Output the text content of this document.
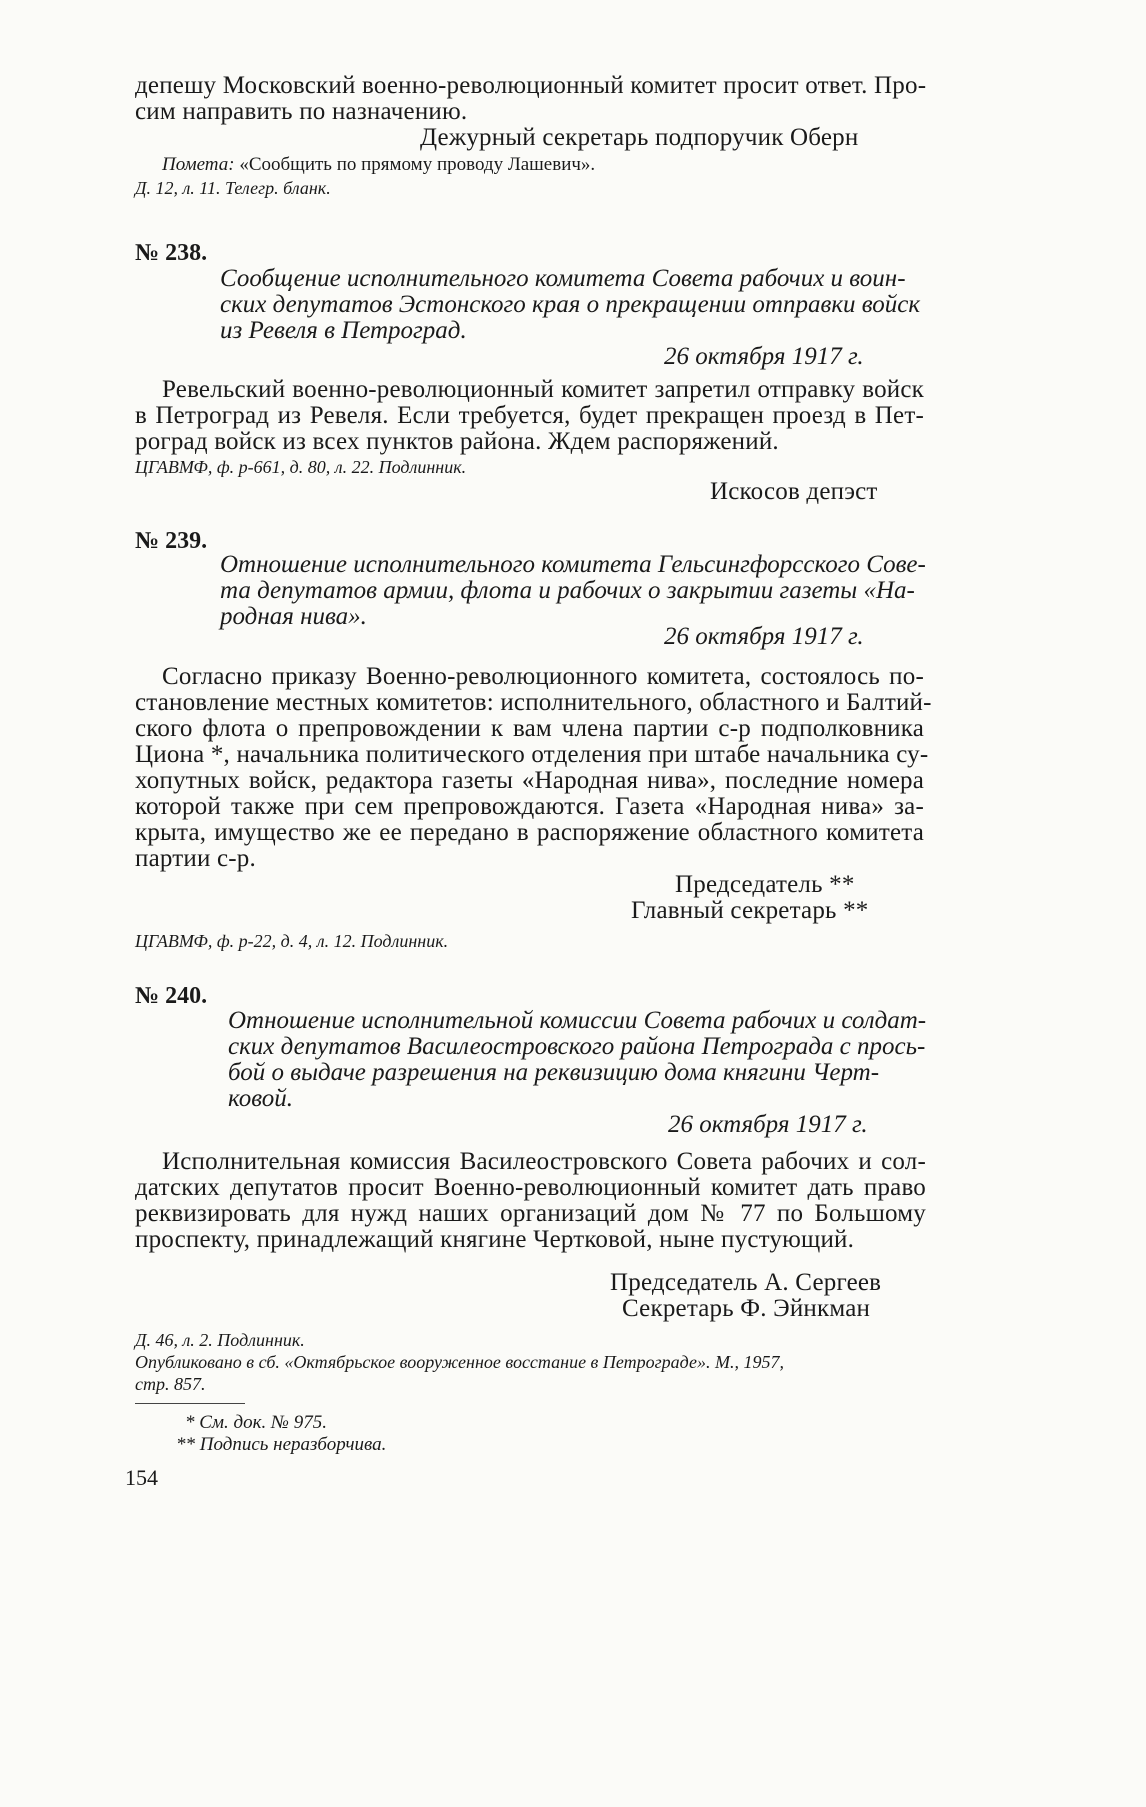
депешу Московский военно-революционный комитет просит ответ. Про-
сим направить по назначению.
Дежурный секретарь подпоручик Оберн
Помета: «Сообщить по прямому проводу Лашевич».
Д. 12, л. 11. Телегр. бланк.
№ 238.
Сообщение исполнительного комитета Совета рабочих и воин-
ских депутатов Эстонского края о прекращении отправки войск
из Ревеля в Петроград.
26 октября 1917 г.
Ревельский военно-революционный комитет запретил отправку войск
в Петроград из Ревеля. Если требуется, будет прекращен проезд в Пет-
роград войск из всех пунктов района. Ждем распоряжений.
ЦГАВМФ, ф. р-661, д. 80, л. 22. Подлинник.
Искосов депэст
№ 239.
Отношение исполнительного комитета Гельсингфорсского Сове-
та депутатов армии, флота и рабочих о закрытии газеты «На-
родная нива».
26 октября 1917 г.
Согласно приказу Военно-революционного комитета, состоялось по-
становление местных комитетов: исполнительного, областного и Балтий-
ского флота о препровождении к вам члена партии с-р подполковника
Циона *, начальника политического отделения при штабе начальника су-
хопутных войск, редактора газеты «Народная нива», последние номера
которой также при сем препровождаются. Газета «Народная нива» за-
крыта, имущество же ее передано в распоряжение областного комитета
партии с-р.
Председатель **
Главный секретарь **
ЦГАВМФ, ф. р-22, д. 4, л. 12. Подлинник.
№ 240.
Отношение исполнительной комиссии Совета рабочих и солдат-
ских депутатов Василеостровского района Петрограда с прось-
бой о выдаче разрешения на реквизицию дома княгини Черт-
ковой.
26 октября 1917 г.
Исполнительная комиссия Василеостровского Совета рабочих и сол-
датских депутатов просит Военно-революционный комитет дать право
реквизировать для нужд наших организаций дом № 77 по Большому
проспекту, принадлежащий княгине Чертковой, ныне пустующий.
Председатель А. Сергеев
Секретарь Ф. Эйнкман
Д. 46, л. 2. Подлинник.
Опубликовано в сб. «Октябрьское вооруженное восстание в Петрограде». М., 1957,
стр. 857.
* См. док. № 975.
** Подпись неразборчива.
154
